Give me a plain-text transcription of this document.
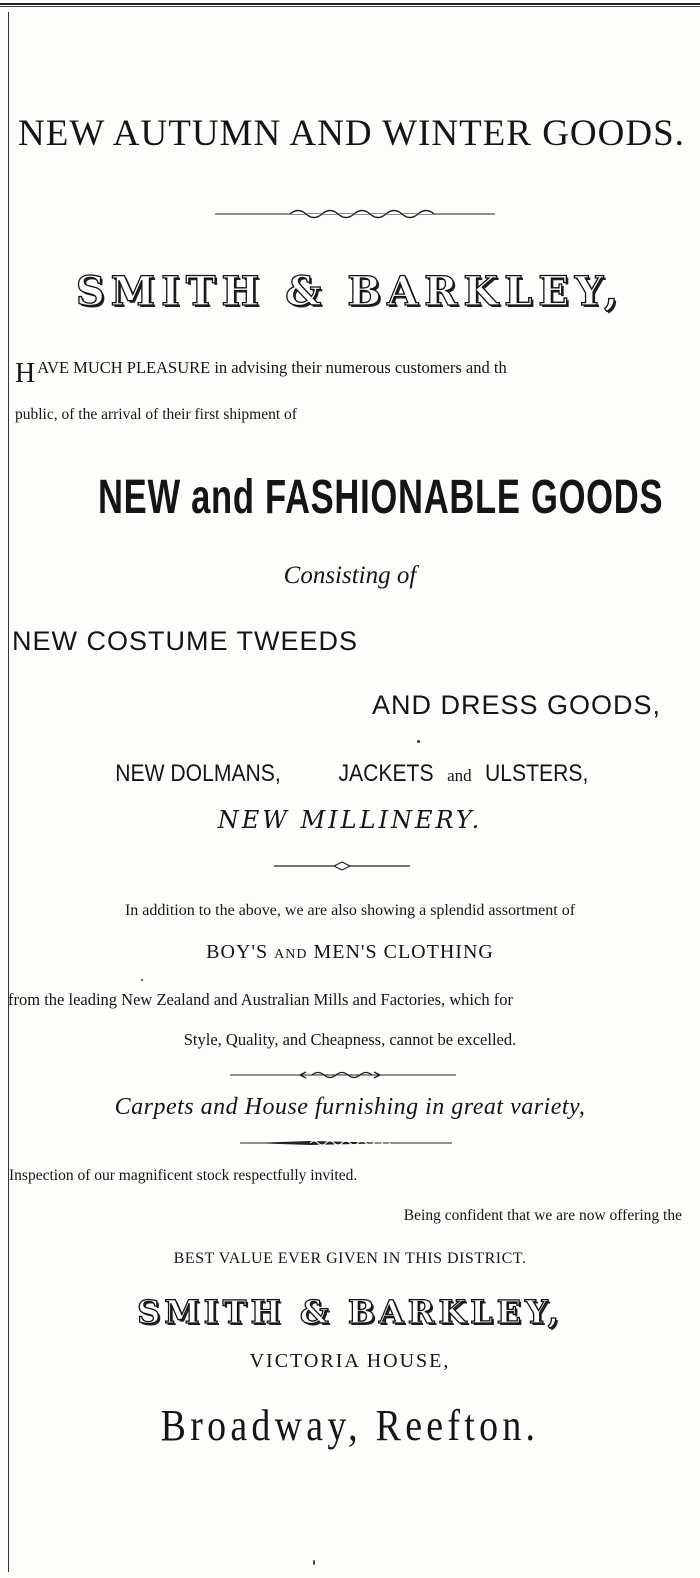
NEW AUTUMN AND WINTER GOODS.
SMITH & BARKLEY,
HAVE MUCH PLEASURE in advising their numerous customers and th
public, of the arrival of their first shipment of
NEW and FASHIONABLE GOODS
Consisting of
NEW COSTUME TWEEDS
AND DRESS GOODS,
NEW DOLMANS, JACKETS and ULSTERS,
NEW MILLINERY.
In addition to the above, we are also showing a splendid assortment of
BOY'S AND MEN'S CLOTHING
from the leading New Zealand and Australian Mills and Factories, which for
Style, Quality, and Cheapness, cannot be excelled.
Carpets and House furnishing in great variety,
Inspection of our magnificent stock respectfully invited.
Being confident that we are now offering the
BEST VALUE EVER GIVEN IN THIS DISTRICT.
SMITH & BARKLEY,
VICTORIA HOUSE,
Broadway, Reefton.
